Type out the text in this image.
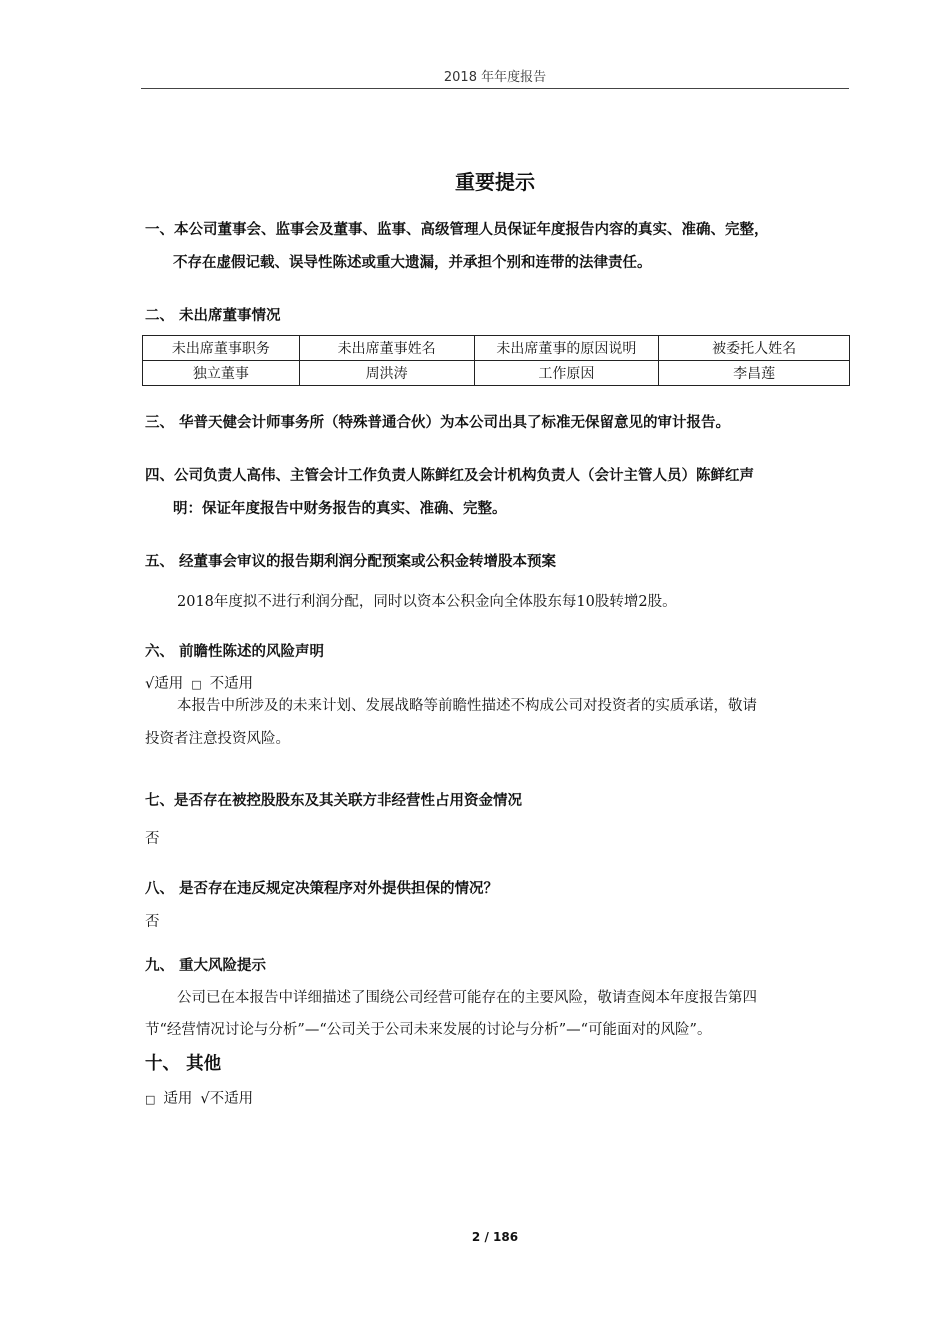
2018 年年度报告
重要提示
一、本公司董事会、监事会及董事、监事、高级管理人员保证年度报告内容的真实、准确、完整，
不存在虚假记载、误导性陈述或重大遗漏，并承担个别和连带的法律责任。
二、 未出席董事情况
未出席董事职务	未出席董事姓名	未出席董事的原因说明	被委托人姓名
独立董事	周洪涛	工作原因	李昌莲
三、 华普天健会计师事务所（特殊普通合伙）为本公司出具了标准无保留意见的审计报告。
四、公司负责人高伟、主管会计工作负责人陈鲜红及会计机构负责人（会计主管人员）陈鲜红声
明：保证年度报告中财务报告的真实、准确、完整。
五、 经董事会审议的报告期利润分配预案或公积金转增股本预案
2018年度拟不进行利润分配，同时以资本公积金向全体股东每10股转增2股。
六、 前瞻性陈述的风险声明
√适用 □ 不适用
本报告中所涉及的未来计划、发展战略等前瞻性描述不构成公司对投资者的实质承诺，敬请
投资者注意投资风险。
七、是否存在被控股股东及其关联方非经营性占用资金情况
否
八、 是否存在违反规定决策程序对外提供担保的情况？
否
九、 重大风险提示
公司已在本报告中详细描述了围绕公司经营可能存在的主要风险，敬请查阅本年度报告第四
节“经营情况讨论与分析”—“公司关于公司未来发展的讨论与分析”—“可能面对的风险”。
十、 其他
□ 适用 √不适用
2 / 186
